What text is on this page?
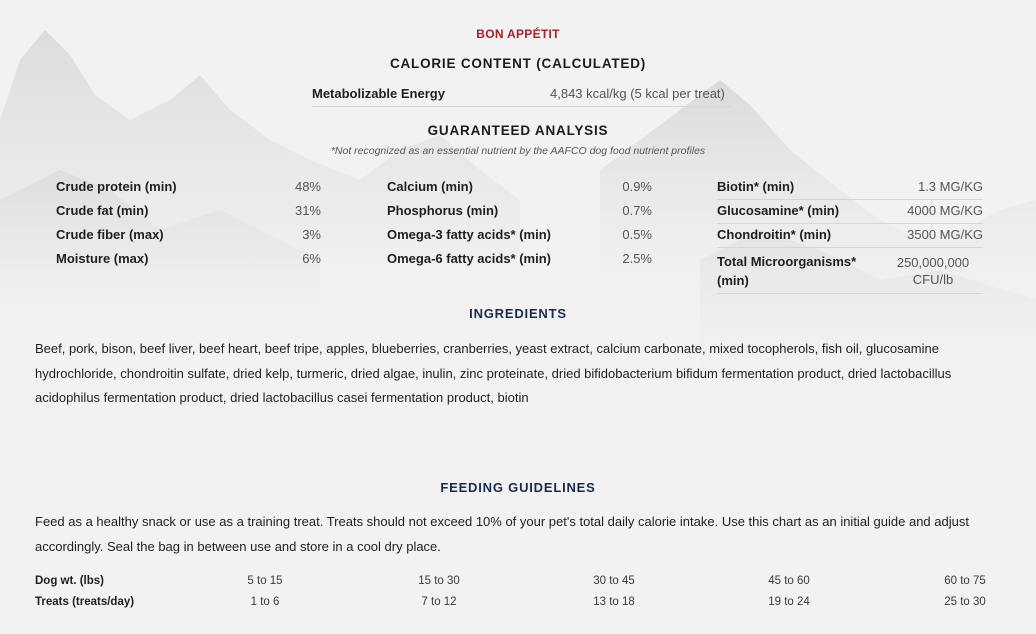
BON APPÉTIT
CALORIE CONTENT (CALCULATED)
Metabolizable Energy	4,843 kcal/kg (5 kcal per treat)
GUARANTEED ANALYSIS
*Not recognized as an essential nutrient by the AAFCO dog food nutrient profiles
Crude protein (min)	48%
Crude fat (min)	31%
Crude fiber (max)	3%
Moisture (max)	6%
Calcium (min)	0.9%
Phosphorus (min)	0.7%
Omega-3 fatty acids* (min)	0.5%
Omega-6 fatty acids* (min)	2.5%
Biotin* (min)	1.3 MG/KG
Glucosamine* (min)	4000 MG/KG
Chondroitin* (min)	3500 MG/KG
Total Microorganisms* (min)
250,000,000 CFU/lb
INGREDIENTS
Beef, pork, bison, beef liver, beef heart, beef tripe, apples, blueberries, cranberries, yeast extract, calcium carbonate, mixed tocopherols, fish oil, glucosamine hydrochloride, chondroitin sulfate, dried kelp, turmeric, dried algae, inulin, zinc proteinate, dried bifidobacterium bifidum fermentation product, dried lactobacillus acidophilus fermentation product, dried lactobacillus casei fermentation product, biotin
FEEDING GUIDELINES
Feed as a healthy snack or use as a training treat. Treats should not exceed 10% of your pet's total daily calorie intake. Use this chart as an initial guide and adjust accordingly. Seal the bag in between use and store in a cool dry place.
Dog wt. (lbs)	5 to 15	15 to 30	30 to 45	45 to 60	60 to 75
Treats (treats/day)	1 to 6	7 to 12	13 to 18	19 to 24	25 to 30
